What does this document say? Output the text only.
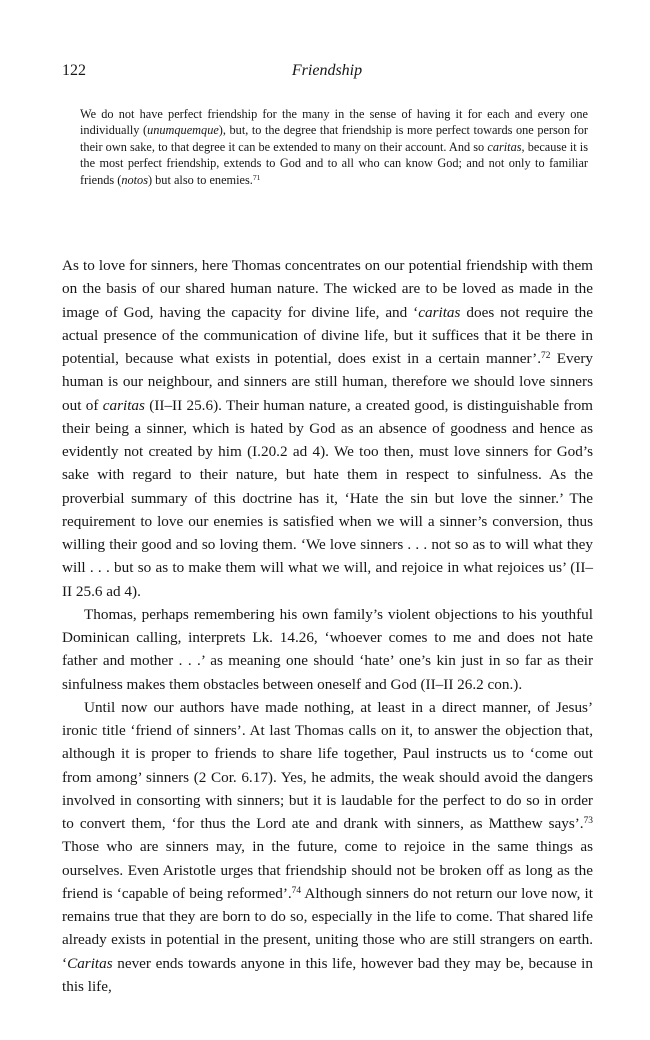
122	Friendship
We do not have perfect friendship for the many in the sense of having it for each and every one individually (unumquemque), but, to the degree that friendship is more perfect towards one person for their own sake, to that degree it can be extended to many on their account. And so caritas, because it is the most perfect friendship, extends to God and to all who can know God; and not only to familiar friends (notos) but also to enemies.$^{71}$

As to love for sinners, here Thomas concentrates on our potential friendship with them on the basis of our shared human nature. The wicked are to be loved as made in the image of God, having the capacity for divine life, and ‘caritas does not require the actual presence of the communication of divine life, but it suffices that it be there in potential, because what exists in potential, does exist in a certain manner’.$^{72}$ Every human is our neighbour, and sinners are still human, therefore we should love sinners out of caritas (II–II 25.6). Their human nature, a created good, is distinguishable from their being a sinner, which is hated by God as an absence of goodness and hence as evidently not created by him (I.20.2 ad 4). We too then, must love sinners for God’s sake with regard to their nature, but hate them in respect to sinfulness. As the proverbial summary of this doctrine has it, ‘Hate the sin but love the sinner.’ The requirement to love our enemies is satisfied when we will a sinner’s conversion, thus willing their good and so loving them. ‘We love sinners . . . not so as to will what they will . . . but so as to make them will what we will, and rejoice in what rejoices us’ (II–II 25.6 ad 4).

Thomas, perhaps remembering his own family’s violent objections to his youthful Dominican calling, interprets Lk. 14.26, ‘whoever comes to me and does not hate father and mother . . .’ as meaning one should ‘hate’ one’s kin just in so far as their sinfulness makes them obstacles between oneself and God (II–II 26.2 con.).

Until now our authors have made nothing, at least in a direct manner, of Jesus’ ironic title ‘friend of sinners’. At last Thomas calls on it, to answer the objection that, although it is proper to friends to share life together, Paul instructs us to ‘come out from among’ sinners (2 Cor. 6.17). Yes, he admits, the weak should avoid the dangers involved in consorting with sinners; but it is laudable for the perfect to do so in order to convert them, ‘for thus the Lord ate and drank with sinners, as Matthew says’.$^{73}$ Those who are sinners may, in the future, come to rejoice in the same things as ourselves. Even Aristotle urges that friendship should not be broken off as long as the friend is ‘capable of being reformed’.$^{74}$ Although sinners do not return our love now, it remains true that they are born to do so, especially in the life to come. That shared life already exists in potential in the present, uniting those who are still strangers on earth. ‘Caritas never ends towards anyone in this life, however bad they may be, because in this life,
